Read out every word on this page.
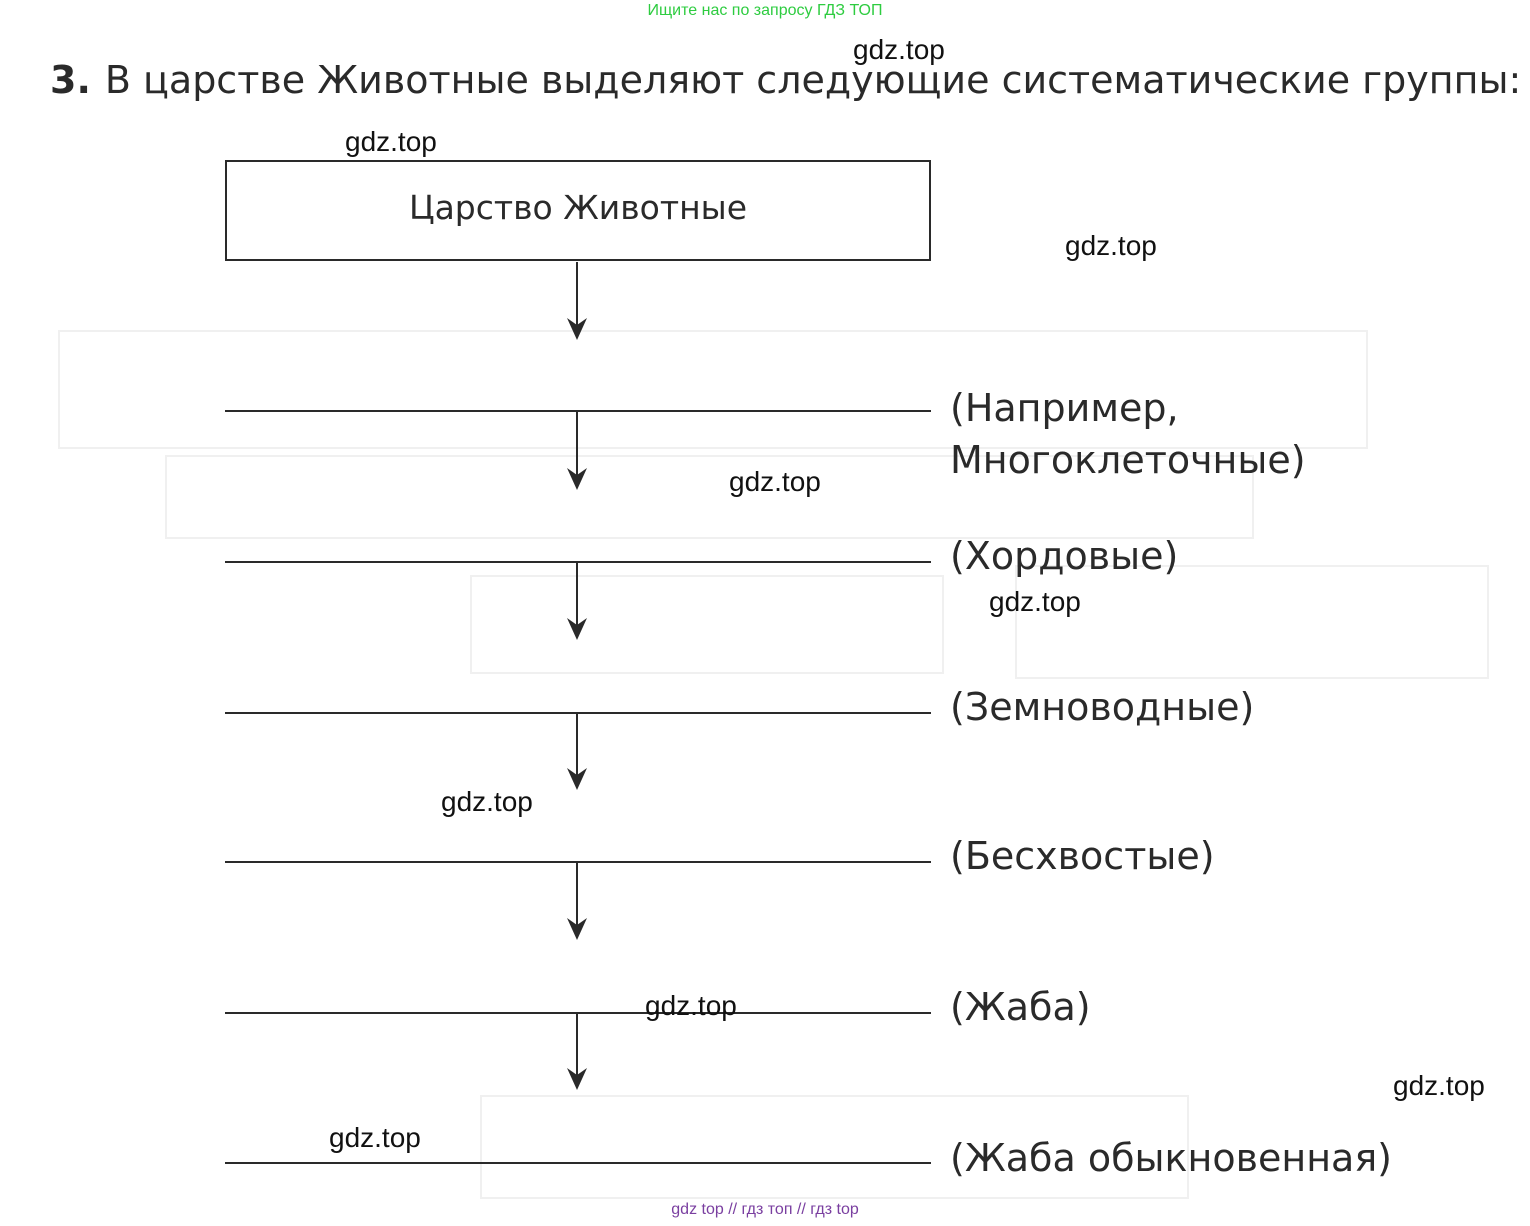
Ищите нас по запросу ГДЗ ТОП
3. В царстве Животные выделяют следующие систематические группы:
Царство Животные
(Например,
Многоклеточные)
(Хордовые)
(Земноводные)
(Бесхвостые)
(Жаба)
(Жаба обыкновенная)
gdz.top
gdz.top
gdz.top
gdz.top
gdz.top
gdz.top
gdz.top
gdz.top
gdz.top
gdz top // гдз топ // гдз top
